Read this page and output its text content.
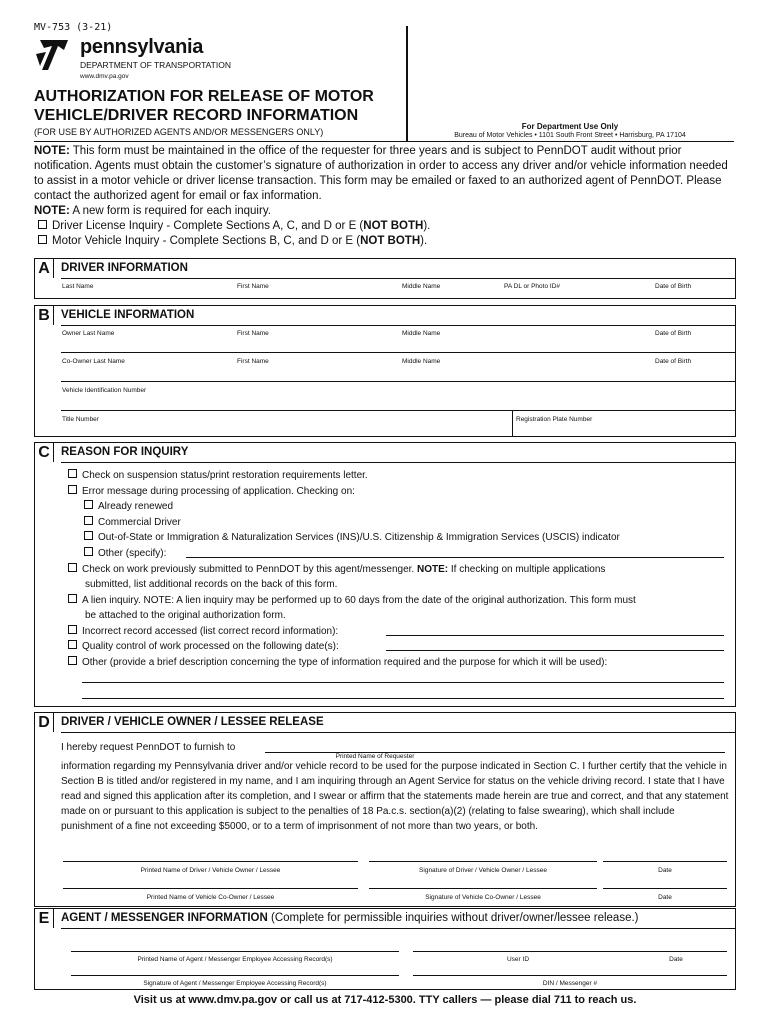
MV-753 (3-21)
pennsylvania
DEPARTMENT OF TRANSPORTATION
www.dmv.pa.gov
AUTHORIZATION FOR RELEASE OF MOTOR
VEHICLE/DRIVER RECORD INFORMATION
(FOR USE BY AUTHORIZED AGENTS AND/OR MESSENGERS ONLY)
For Department Use Only
Bureau of Motor Vehicles • 1101 South Front Street • Harrisburg, PA 17104
NOTE: This form must be maintained in the office of the requester for three years and is subject to PennDOT audit without prior notification. Agents must obtain the customer’s signature of authorization in order to access any driver and/or vehicle information needed to assist in a motor vehicle or driver license transaction. This form may be emailed or faxed to an authorized agent of PennDOT. Please contact the authorized agent for email or fax information.
NOTE: A new form is required for each inquiry.
Driver License Inquiry - Complete Sections A, C, and D or E (NOT BOTH).
Motor Vehicle Inquiry - Complete Sections B, C, and D or E (NOT BOTH).
A DRIVER INFORMATION
Last Name	First Name	Middle Name	PA DL or Photo ID#	Date of Birth
B VEHICLE INFORMATION
Owner Last Name	First Name	Middle Name	Date of Birth
Co-Owner Last Name	First Name	Middle Name	Date of Birth
Vehicle Identification Number
Title Number	Registration Plate Number
C REASON FOR INQUIRY
Check on suspension status/print restoration requirements letter.
Error message during processing of application. Checking on:
Already renewed
Commercial Driver
Out-of-State or Immigration & Naturalization Services (INS)/U.S. Citizenship & Immigration Services (USCIS) indicator
Other (specify):
Check on work previously submitted to PennDOT by this agent/messenger. NOTE: If checking on multiple applications
submitted, list additional records on the back of this form.
A lien inquiry. NOTE: A lien inquiry may be performed up to 60 days from the date of the original authorization. This form must
be attached to the original authorization form.
Incorrect record accessed (list correct record information):
Quality control of work processed on the following date(s):
Other (provide a brief description concerning the type of information required and the purpose for which it will be used):
D DRIVER / VEHICLE OWNER / LESSEE RELEASE
I hereby request PennDOT to furnish to
Printed Name of Requester
information regarding my Pennsylvania driver and/or vehicle record to be used for the purpose indicated in Section C. I further certify that the vehicle in Section B is titled and/or registered in my name, and I am inquiring through an Agent Service for status on the vehicle driving record. I state that I have read and signed this application after its completion, and I swear or affirm that the statements made herein are true and correct, and that any statement made on or pursuant to this application is subject to the penalties of 18 Pa.c.s. section(a)(2) (relating to false swearing), which shall include punishment of a fine not exceeding $5000, or to a term of imprisonment of not more than two years, or both.
Printed Name of Driver / Vehicle Owner / Lessee	Signature of Driver / Vehicle Owner / Lessee	Date
Printed Name of Vehicle Co-Owner / Lessee	Signature of Vehicle Co-Owner / Lessee	Date
E	AGENT / MESSENGER INFORMATION (Complete for permissible inquiries without driver/owner/lessee release.)
Printed Name of Agent / Messenger Employee Accessing Record(s)	User ID	Date
Signature of Agent / Messenger Employee Accessing Record(s)	DIN / Messenger #
Visit us at www.dmv.pa.gov or call us at 717-412-5300. TTY callers — please dial 711 to reach us.
